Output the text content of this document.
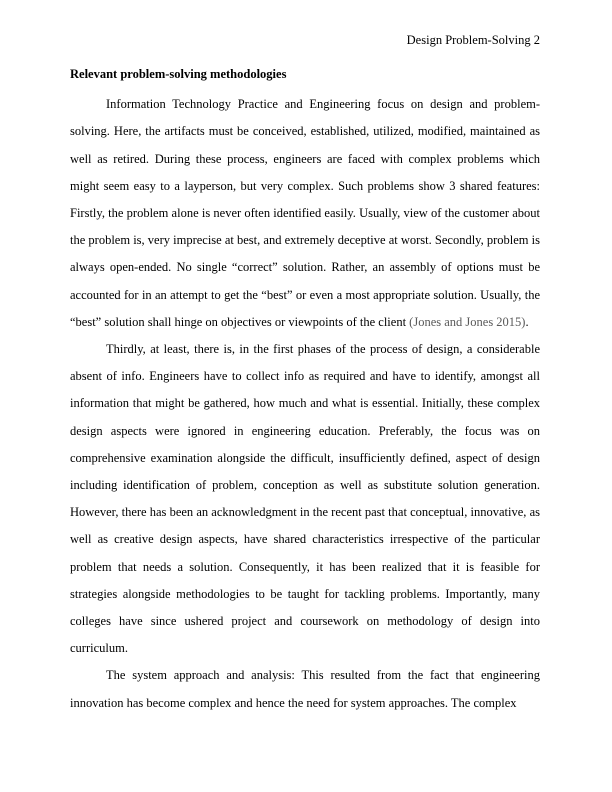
Design Problem-Solving 2
Relevant problem-solving methodologies

Information Technology Practice and Engineering focus on design and problem-solving. Here, the artifacts must be conceived, established, utilized, modified, maintained as well as retired. During these process, engineers are faced with complex problems which might seem easy to a layperson, but very complex. Such problems show 3 shared features: Firstly, the problem alone is never often identified easily. Usually, view of the customer about the problem is, very imprecise at best, and extremely deceptive at worst. Secondly, problem is always open-ended. No single “correct” solution. Rather, an assembly of options must be accounted for in an attempt to get the “best” or even a most appropriate solution. Usually, the “best” solution shall hinge on objectives or viewpoints of the client (Jones and Jones 2015).

Thirdly, at least, there is, in the first phases of the process of design, a considerable absent of info. Engineers have to collect info as required and have to identify, amongst all information that might be gathered, how much and what is essential. Initially, these complex design aspects were ignored in engineering education. Preferably, the focus was on comprehensive examination alongside the difficult, insufficiently defined, aspect of design including identification of problem, conception as well as substitute solution generation. However, there has been an acknowledgment in the recent past that conceptual, innovative, as well as creative design aspects, have shared characteristics irrespective of the particular problem that needs a solution. Consequently, it has been realized that it is feasible for strategies alongside methodologies to be taught for tackling problems. Importantly, many colleges have since ushered project and coursework on methodology of design into curriculum.

The system approach and analysis: This resulted from the fact that engineering innovation has become complex and hence the need for system approaches. The complex
